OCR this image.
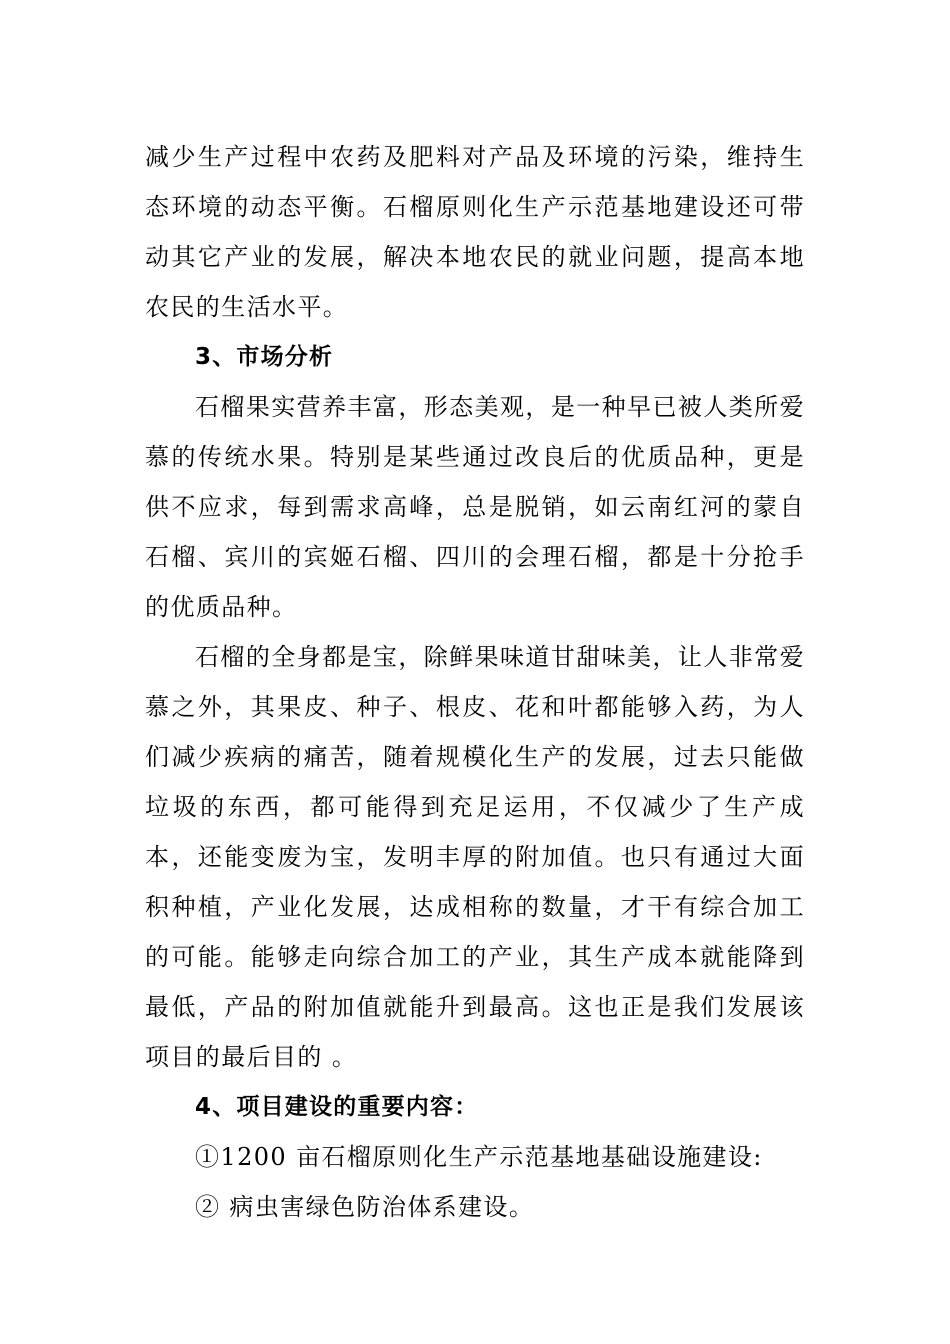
减少生产过程中农药及肥料对产品及环境的污染，维持生态环境的动态平衡。石榴原则化生产示范基地建设还可带动其它产业的发展，解决本地农民的就业问题，提高本地农民的生活水平。

3、市场分析

石榴果实营养丰富，形态美观，是一种早已被人类所爱慕的传统水果。特别是某些通过改良后的优质品种，更是供不应求，每到需求高峰，总是脱销，如云南红河的蒙自石榴、宾川的宾姬石榴、四川的会理石榴，都是十分抢手的优质品种。

石榴的全身都是宝，除鲜果味道甘甜味美，让人非常爱慕之外，其果皮、种子、根皮、花和叶都能够入药，为人们减少疾病的痛苦，随着规模化生产的发展，过去只能做垃圾的东西，都可能得到充足运用，不仅减少了生产成本，还能变废为宝，发明丰厚的附加值。也只有通过大面积种植，产业化发展，达成相称的数量，才干有综合加工的可能。能够走向综合加工的产业，其生产成本就能降到最低，产品的附加值就能升到最高。这也正是我们发展该项目的最后目的 。

4、项目建设的重要内容：

①1200 亩石榴原则化生产示范基地基础设施建设:

② 病虫害绿色防治体系建设。
